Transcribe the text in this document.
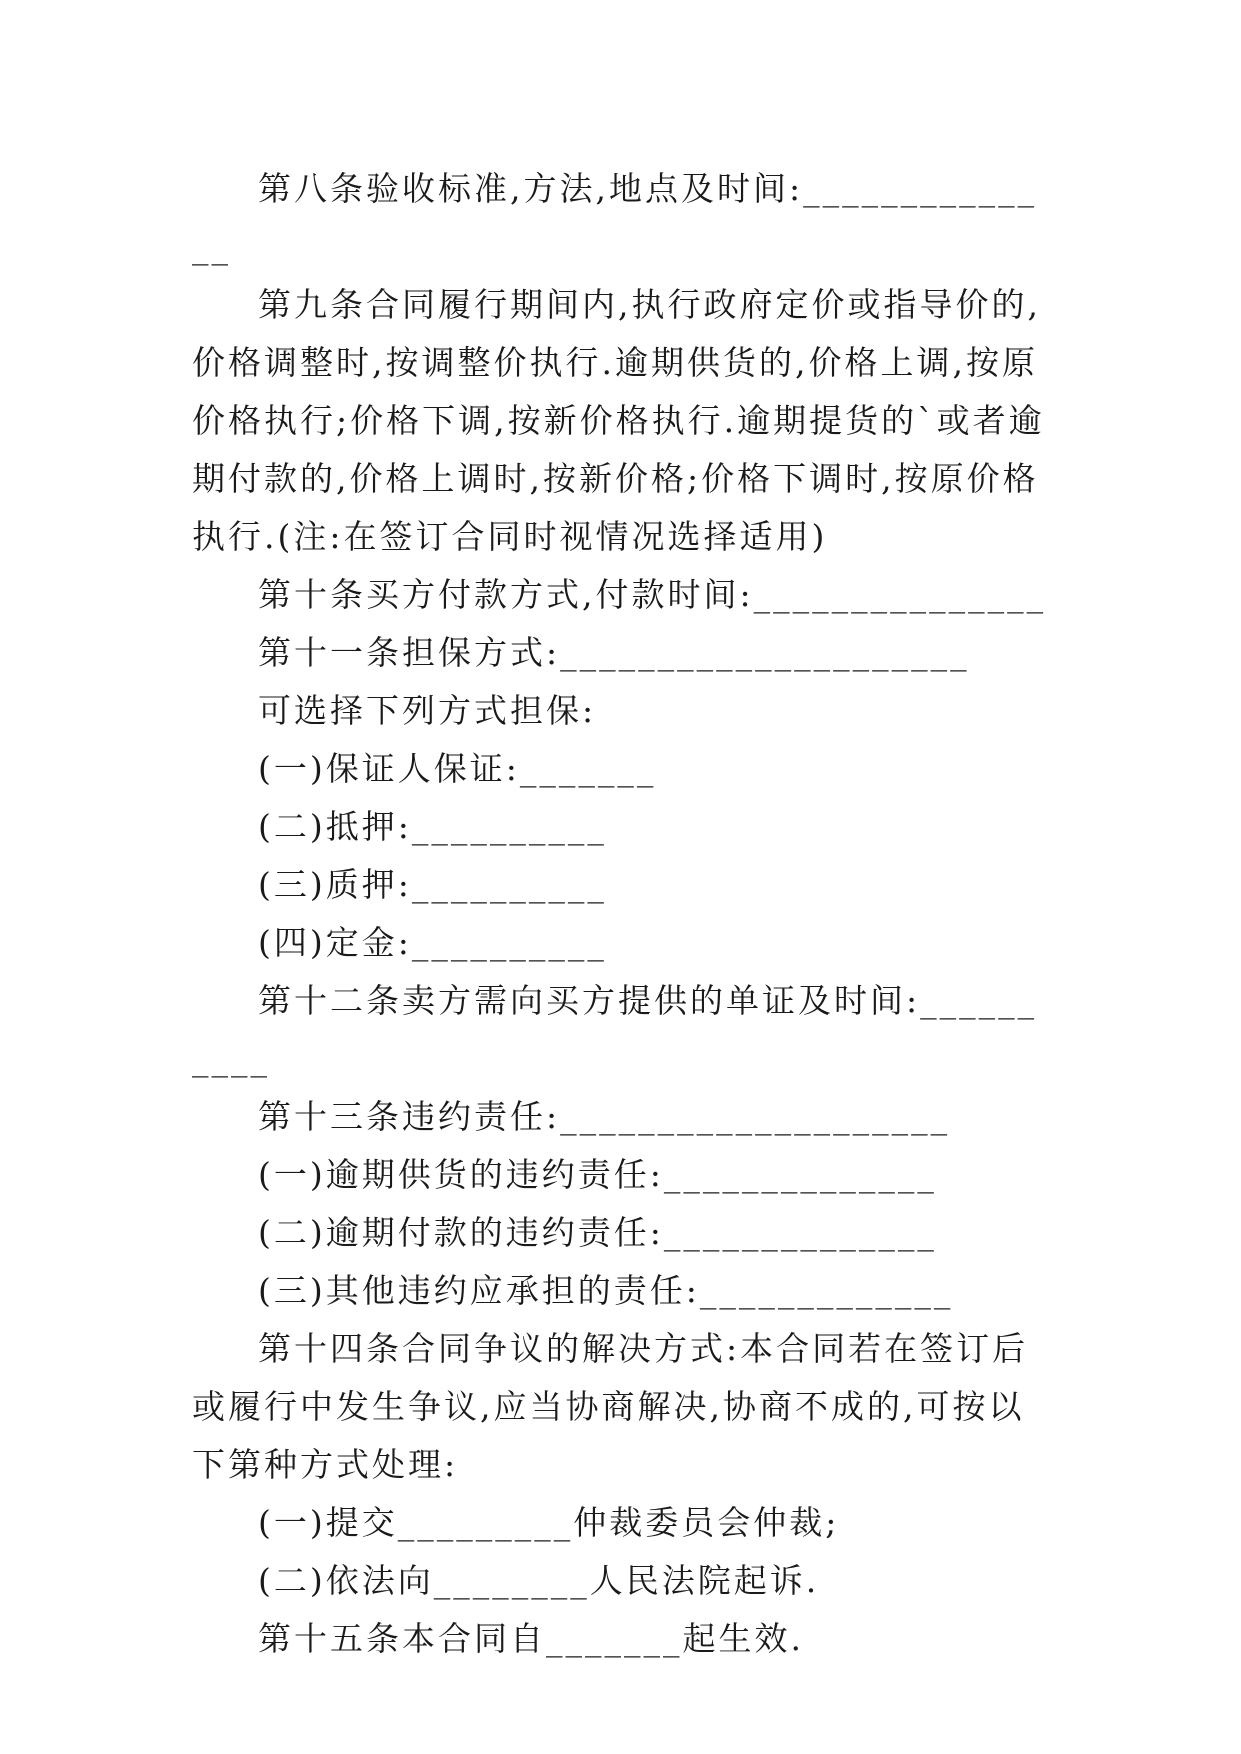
第八条验收标准,方法,地点及时间:______________

第九条合同履行期间内,执行政府定价或指导价的,价格调整时,按调整价执行.逾期供货的,价格上调,按原价格执行;价格下调,按新价格执行.逾期提货的`或者逾期付款的,价格上调时,按新价格;价格下调时,按原价格执行.(注:在签订合同时视情况选择适用)

第十条买方付款方式,付款时间:_______________

第十一条担保方式:_____________________

可选择下列方式担保:

(一)保证人保证:_______

(二)抵押:__________

(三)质押:__________

(四)定金:__________

第十二条卖方需向买方提供的单证及时间:__________

第十三条违约责任:____________________

(一)逾期供货的违约责任:______________

(二)逾期付款的违约责任:______________

(三)其他违约应承担的责任:_____________

第十四条合同争议的解决方式:本合同若在签订后或履行中发生争议,应当协商解决,协商不成的,可按以下第种方式处理:

(一)提交_________仲裁委员会仲裁;

(二)依法向________人民法院起诉.

第十五条本合同自_______起生效.
